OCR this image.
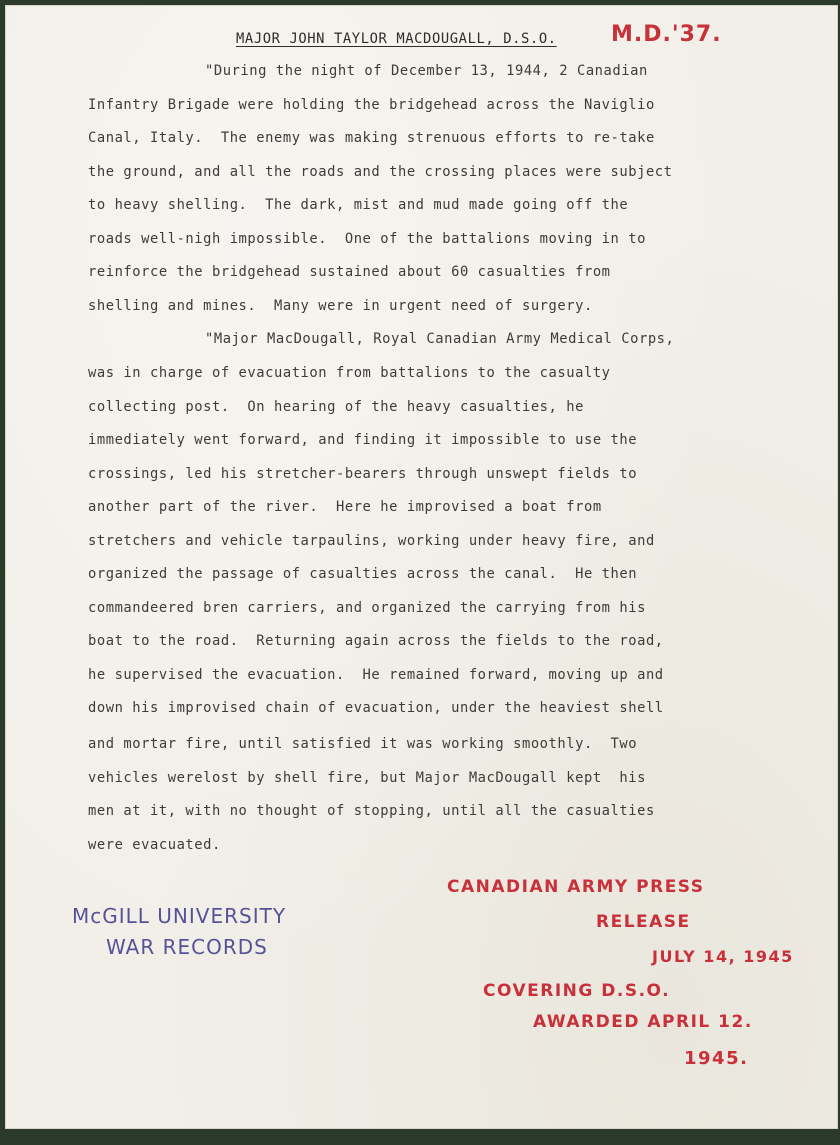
MAJOR JOHN TAYLOR MACDOUGALL, D.S.O. M.D.'37.
"During the night of December 13, 1944, 2 Canadian
Infantry Brigade were holding the bridgehead across the Naviglio
Canal, Italy.  The enemy was making strenuous efforts to re-take
the ground, and all the roads and the crossing places were subject
to heavy shelling.  The dark, mist and mud made going off the
roads well-nigh impossible.  One of the battalions moving in to
reinforce the bridgehead sustained about 60 casualties from
shelling and mines.  Many were in urgent need of surgery.
"Major MacDougall, Royal Canadian Army Medical Corps,
was in charge of evacuation from battalions to the casualty
collecting post.  On hearing of the heavy casualties, he
immediately went forward, and finding it impossible to use the
crossings, led his stretcher-bearers through unswept fields to
another part of the river.  Here he improvised a boat from
stretchers and vehicle tarpaulins, working under heavy fire, and
organized the passage of casualties across the canal.  He then
commandeered bren carriers, and organized the carrying from his
boat to the road.  Returning again across the fields to the road,
he supervised the evacuation.  He remained forward, moving up and
down his improvised chain of evacuation, under the heaviest shell
and mortar fire, until satisfied it was working smoothly.  Two
vehicles werelost by shell fire, but Major MacDougall kept  his
men at it, with no thought of stopping, until all the casualties
were evacuated.
McGILL UNIVERSITY
WAR RECORDS
CANADIAN ARMY PRESS
RELEASE
JULY 14, 1945
COVERING D.S.O.
AWARDED APRIL 12.
1945.
